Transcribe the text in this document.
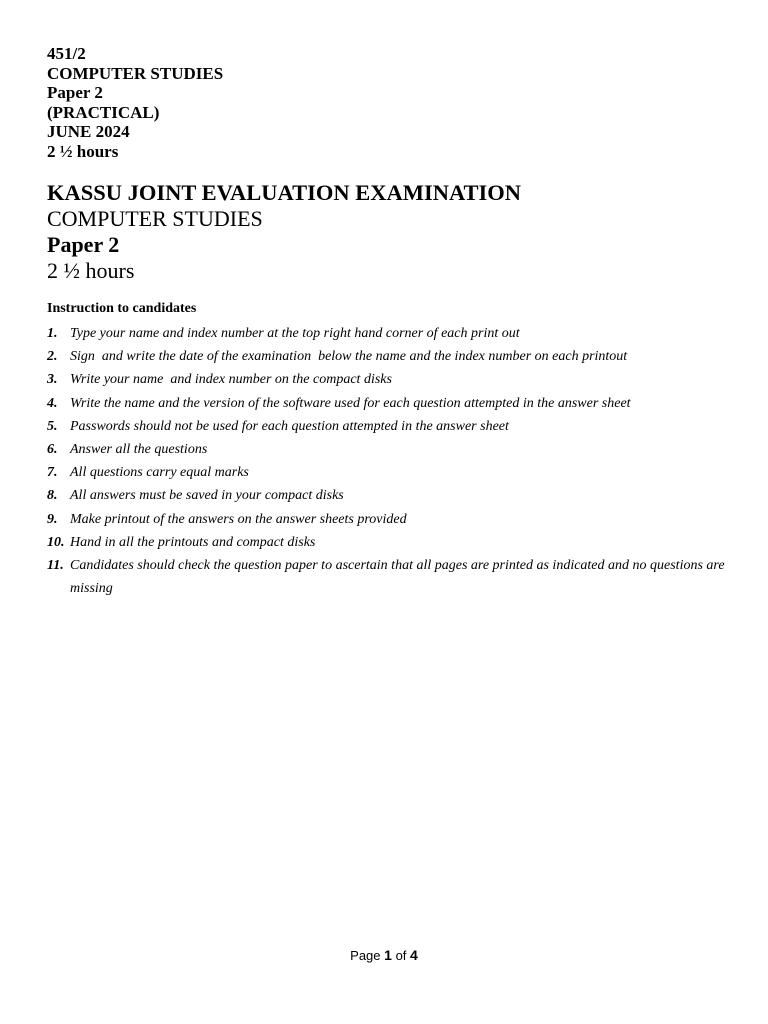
451/2
COMPUTER STUDIES
Paper 2
(PRACTICAL)
JUNE 2024
2 ½ hours
KASSU JOINT EVALUATION EXAMINATION
COMPUTER STUDIES
Paper 2
2 ½ hours
Instruction to candidates
1. Type your name and index number at the top right hand corner of each print out
2. Sign  and write the date of the examination  below the name and the index number on each printout
3. Write your name  and index number on the compact disks
4. Write the name and the version of the software used for each question attempted in the answer sheet
5. Passwords should not be used for each question attempted in the answer sheet
6. Answer all the questions
7. All questions carry equal marks
8. All answers must be saved in your compact disks
9. Make printout of the answers on the answer sheets provided
10. Hand in all the printouts and compact disks
11. Candidates should check the question paper to ascertain that all pages are printed as indicated and no questions are missing
Page 1 of 4
